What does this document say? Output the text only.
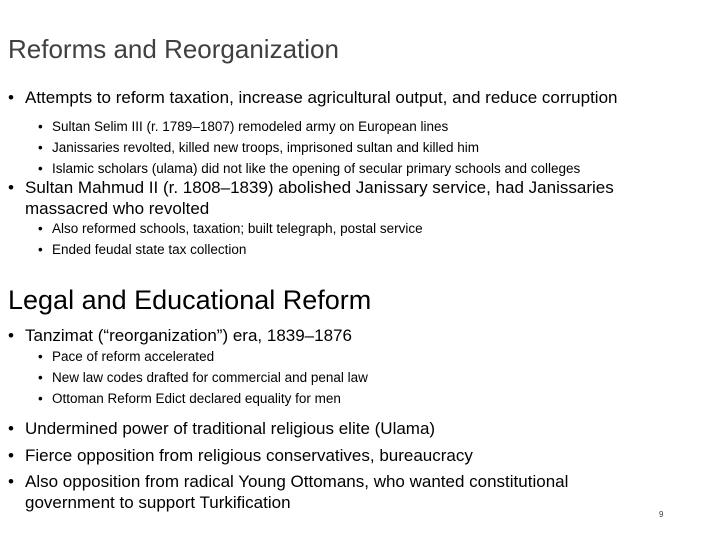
Reforms and Reorganization
• Attempts to reform taxation, increase agricultural output, and reduce corruption
• Sultan Selim III (r. 1789–1807) remodeled army on European lines
• Janissaries revolted, killed new troops, imprisoned sultan and killed him
• Islamic scholars (ulama) did not like the opening of secular primary schools and colleges
• Sultan Mahmud II (r. 1808–1839) abolished Janissary service, had Janissaries
massacred who revolted
• Also reformed schools, taxation; built telegraph, postal service
• Ended feudal state tax collection
Legal and Educational Reform
• Tanzimat (“reorganization”) era, 1839–1876
• Pace of reform accelerated
• New law codes drafted for commercial and penal law
• Ottoman Reform Edict declared equality for men
• Undermined power of traditional religious elite (Ulama)
• Fierce opposition from religious conservatives, bureaucracy
• Also opposition from radical Young Ottomans, who wanted constitutional
government to support Turkification
9
